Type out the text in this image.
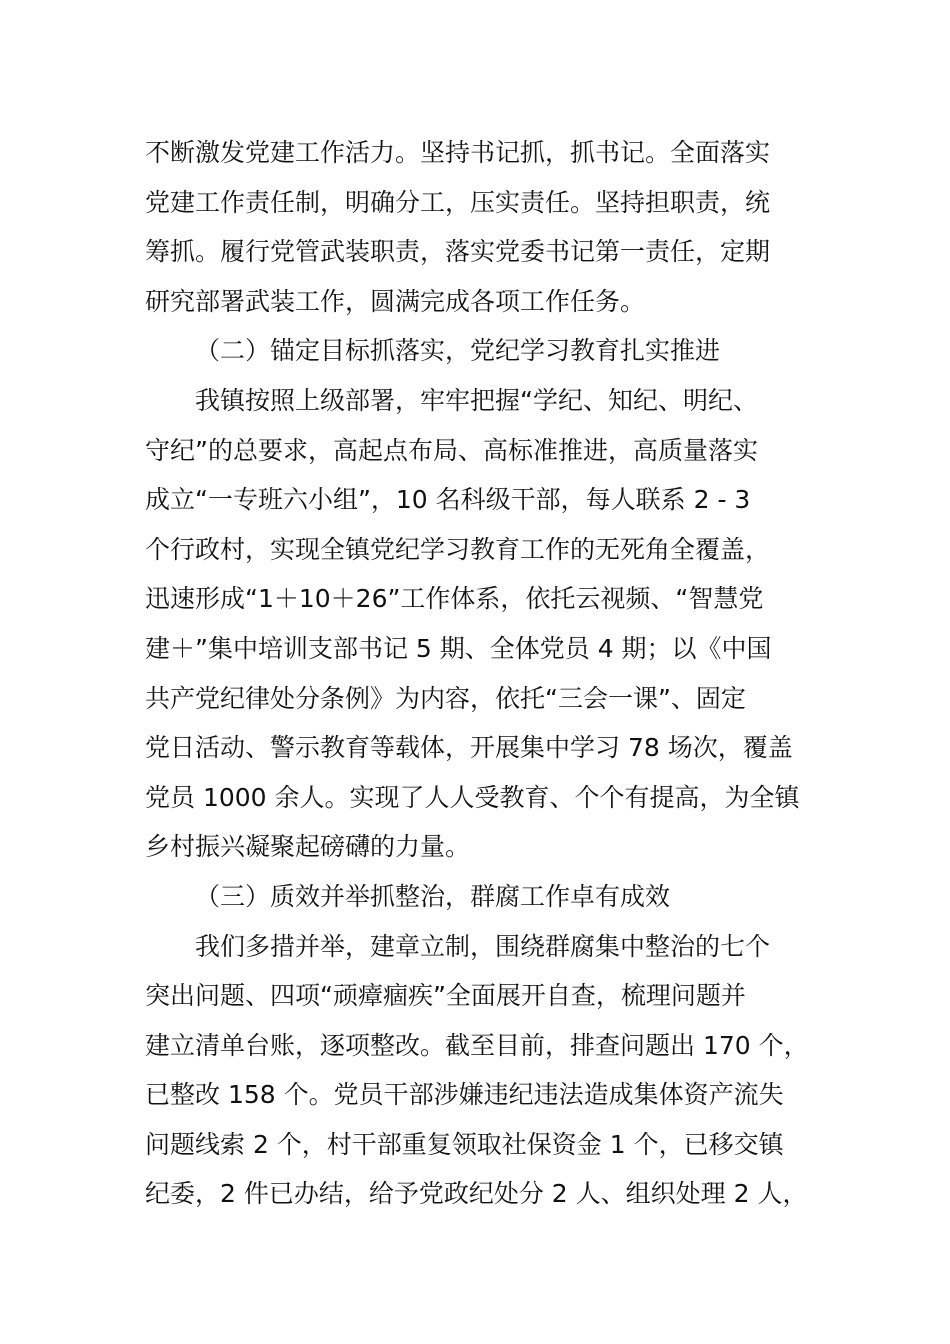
不断激发党建工作活力。坚持书记抓，抓书记。全面落实
党建工作责任制，明确分工，压实责任。坚持担职责，统
筹抓。履行党管武装职责，落实党委书记第一责任，定期
研究部署武装工作，圆满完成各项工作任务。
（二）锚定目标抓落实，党纪学习教育扎实推进
我镇按照上级部署，牢牢把握“学纪、知纪、明纪、
守纪”的总要求，高起点布局、高标准推进，高质量落实
成立“一专班六小组”，10 名科级干部，每人联系 2 - 3
个行政村，实现全镇党纪学习教育工作的无死角全覆盖，
迅速形成“1＋10＋26”工作体系，依托云视频、“智慧党
建＋”集中培训支部书记 5 期、全体党员 4 期；以《中国
共产党纪律处分条例》为内容，依托“三会一课”、固定
党日活动、警示教育等载体，开展集中学习 78 场次，覆盖
党员 1000 余人。实现了人人受教育、个个有提高，为全镇
乡村振兴凝聚起磅礴的力量。
（三）质效并举抓整治，群腐工作卓有成效
我们多措并举，建章立制，围绕群腐集中整治的七个
突出问题、四项“顽瘴痼疾”全面展开自查，梳理问题并
建立清单台账，逐项整改。截至目前，排查问题出 170 个，
已整改 158 个。党员干部涉嫌违纪违法造成集体资产流失
问题线索 2 个，村干部重复领取社保资金 1 个，已移交镇
纪委，2 件已办结，给予党政纪处分 2 人、组织处理 2 人，
